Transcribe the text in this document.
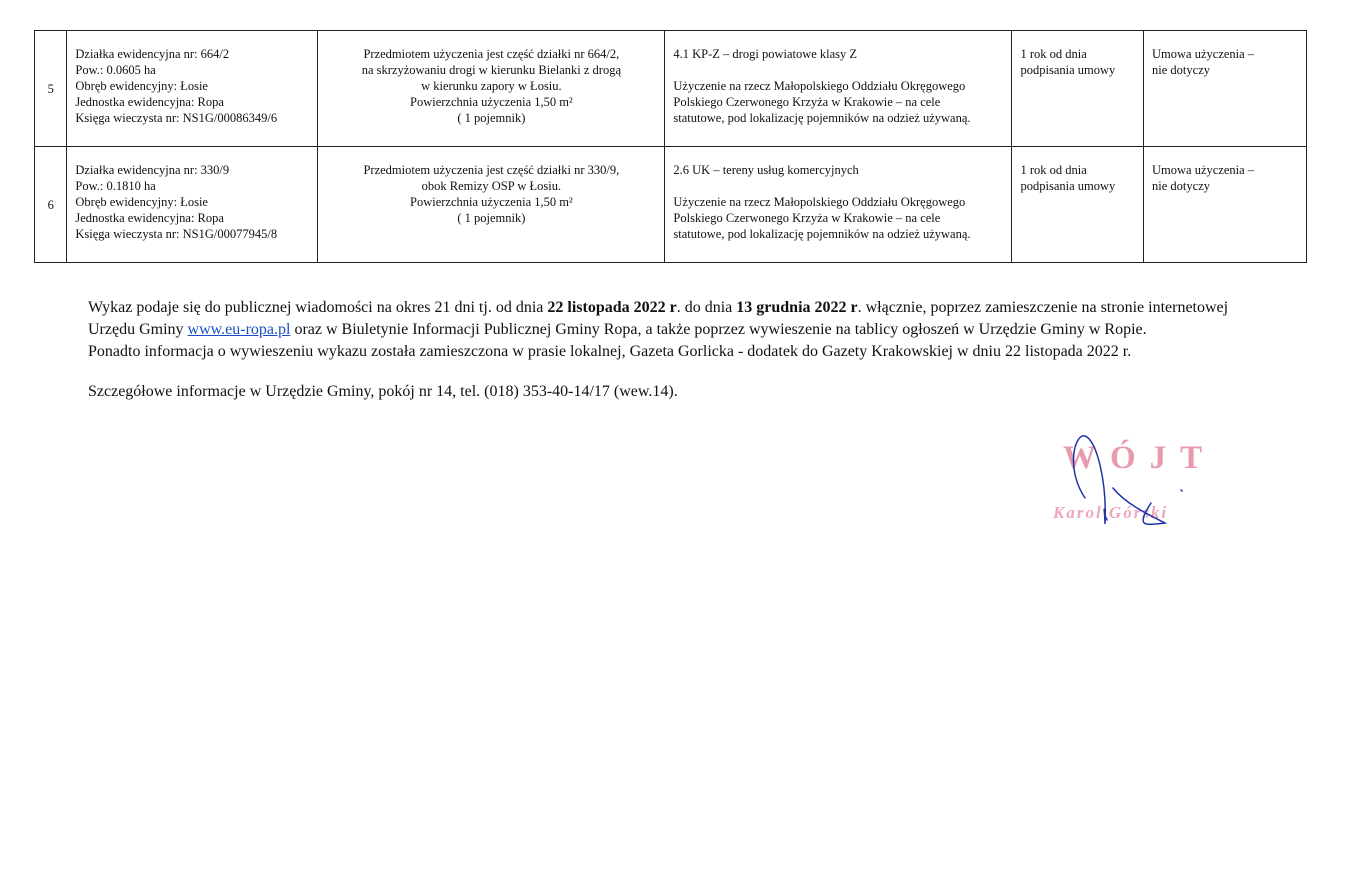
5	Działka ewidencyjna nr: 664/2
Pow.: 0.0605 ha
Obręb ewidencyjny: Łosie
Jednostka ewidencyjna: Ropa
Księga wieczysta nr: NS1G/00086349/6	Przedmiotem użyczenia jest część działki nr 664/2,
na skrzyżowaniu drogi w kierunku Bielanki z drogą
w kierunku zapory w Łosiu.
Powierzchnia użyczenia 1,50 m²
( 1 pojemnik)	4.1 KP-Z – drogi powiatowe klasy Z
Użyczenie na rzecz Małopolskiego Oddziału Okręgowego
Polskiego Czerwonego Krzyża w Krakowie – na cele
statutowe, pod lokalizację pojemników na odzież używaną.	1 rok od dnia
podpisania umowy	Umowa użyczenia –
nie dotyczy

6	Działka ewidencyjna nr: 330/9
Pow.: 0.1810 ha
Obręb ewidencyjny: Łosie
Jednostka ewidencyjna: Ropa
Księga wieczysta nr: NS1G/00077945/8	Przedmiotem użyczenia jest część działki nr 330/9,
obok Remizy OSP w Łosiu.
Powierzchnia użyczenia 1,50 m²
( 1 pojemnik)	2.6 UK – tereny usług komercyjnych
Użyczenie na rzecz Małopolskiego Oddziału Okręgowego
Polskiego Czerwonego Krzyża w Krakowie – na cele
statutowe, pod lokalizację pojemników na odzież używaną.	1 rok od dnia
podpisania umowy	Umowa użyczenia –
nie dotyczy

Wykaz podaje się do publicznej wiadomości na okres 21 dni tj. od dnia 22 listopada 2022 r. do dnia 13 grudnia 2022 r. włącznie, poprzez zamieszczenie na stronie internetowej

Urzędu Gminy www.eu-ropa.pl oraz w Biuletynie Informacji Publicznej Gminy Ropa, a także poprzez wywieszenie na tablicy ogłoszeń w Urzędzie Gminy w Ropie.

Ponadto informacja o wywieszeniu wykazu została zamieszczona w prasie lokalnej, Gazeta Gorlicka - dodatek do Gazety Krakowskiej w dniu 22 listopada 2022 r.

Szczegółowe informacje w Urzędzie Gminy, pokój nr 14, tel. (018) 353-40-14/17 (wew.14).
WÓJT
Karol Górski
